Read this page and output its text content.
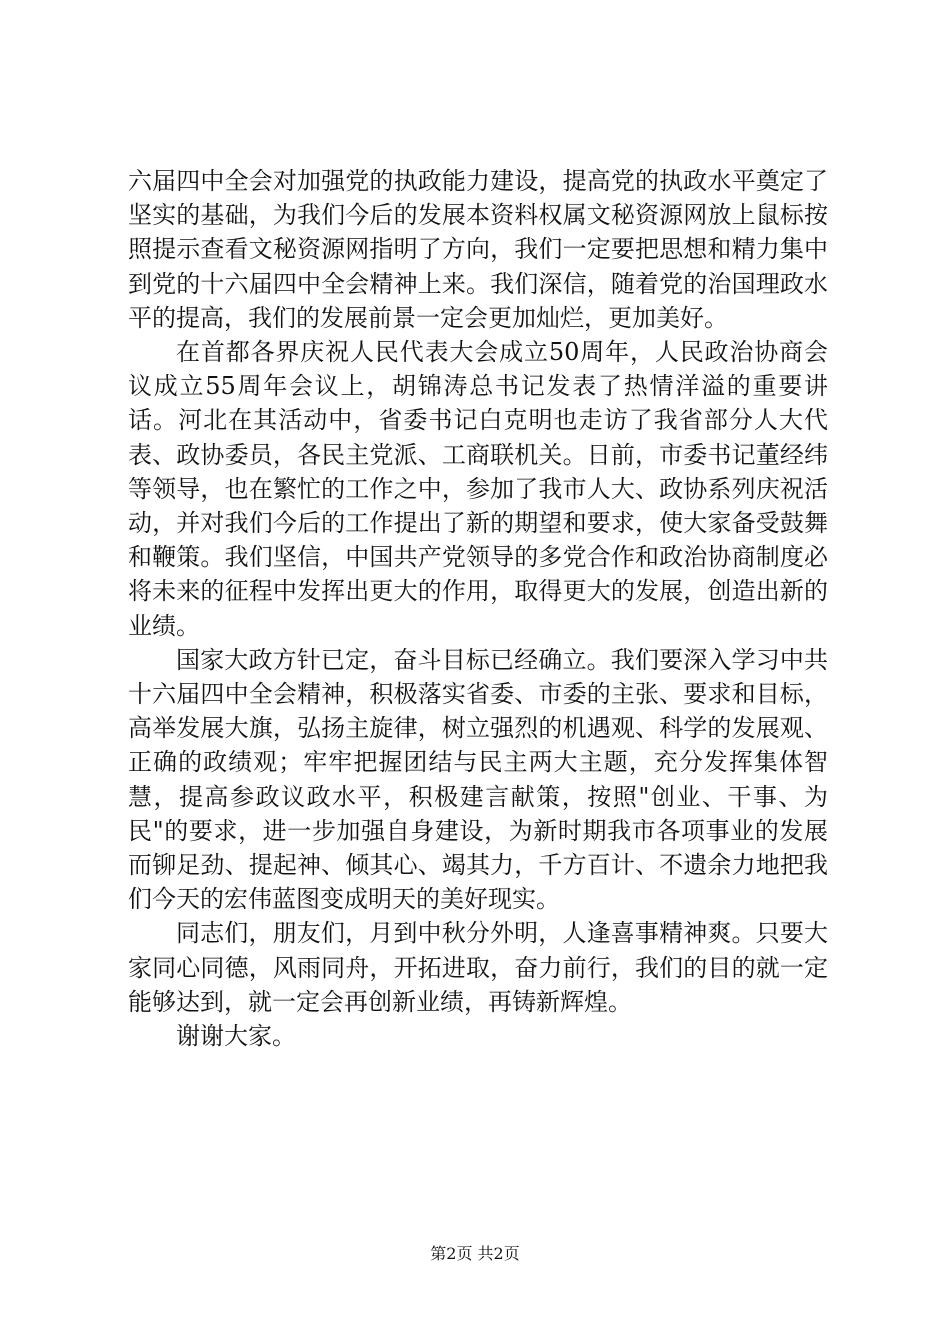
六届四中全会对加强党的执政能力建设，提高党的执政水平奠定了坚实的基础，为我们今后的发展本资料权属文秘资源网放上鼠标按照提示查看文秘资源网指明了方向，我们一定要把思想和精力集中到党的十六届四中全会精神上来。我们深信，随着党的治国理政水平的提高，我们的发展前景一定会更加灿烂，更加美好。

在首都各界庆祝人民代表大会成立50周年，人民政治协商会议成立55周年会议上，胡锦涛总书记发表了热情洋溢的重要讲话。河北在其活动中，省委书记白克明也走访了我省部分人大代表、政协委员，各民主党派、工商联机关。日前，市委书记董经纬等领导，也在繁忙的工作之中，参加了我市人大、政协系列庆祝活动，并对我们今后的工作提出了新的期望和要求，使大家备受鼓舞和鞭策。我们坚信，中国共产党领导的多党合作和政治协商制度必将未来的征程中发挥出更大的作用，取得更大的发展，创造出新的业绩。

国家大政方针已定，奋斗目标已经确立。我们要深入学习中共十六届四中全会精神，积极落实省委、市委的主张、要求和目标，高举发展大旗，弘扬主旋律，树立强烈的机遇观、科学的发展观、正确的政绩观；牢牢把握团结与民主两大主题，充分发挥集体智慧，提高参政议政水平，积极建言献策，按照"创业、干事、为民"的要求，进一步加强自身建设，为新时期我市各项事业的发展而铆足劲、提起神、倾其心、竭其力，千方百计、不遗余力地把我们今天的宏伟蓝图变成明天的美好现实。

同志们，朋友们，月到中秋分外明，人逢喜事精神爽。只要大家同心同德，风雨同舟，开拓进取，奋力前行，我们的目的就一定能够达到，就一定会再创新业绩，再铸新辉煌。

谢谢大家。

第2页 共2页
